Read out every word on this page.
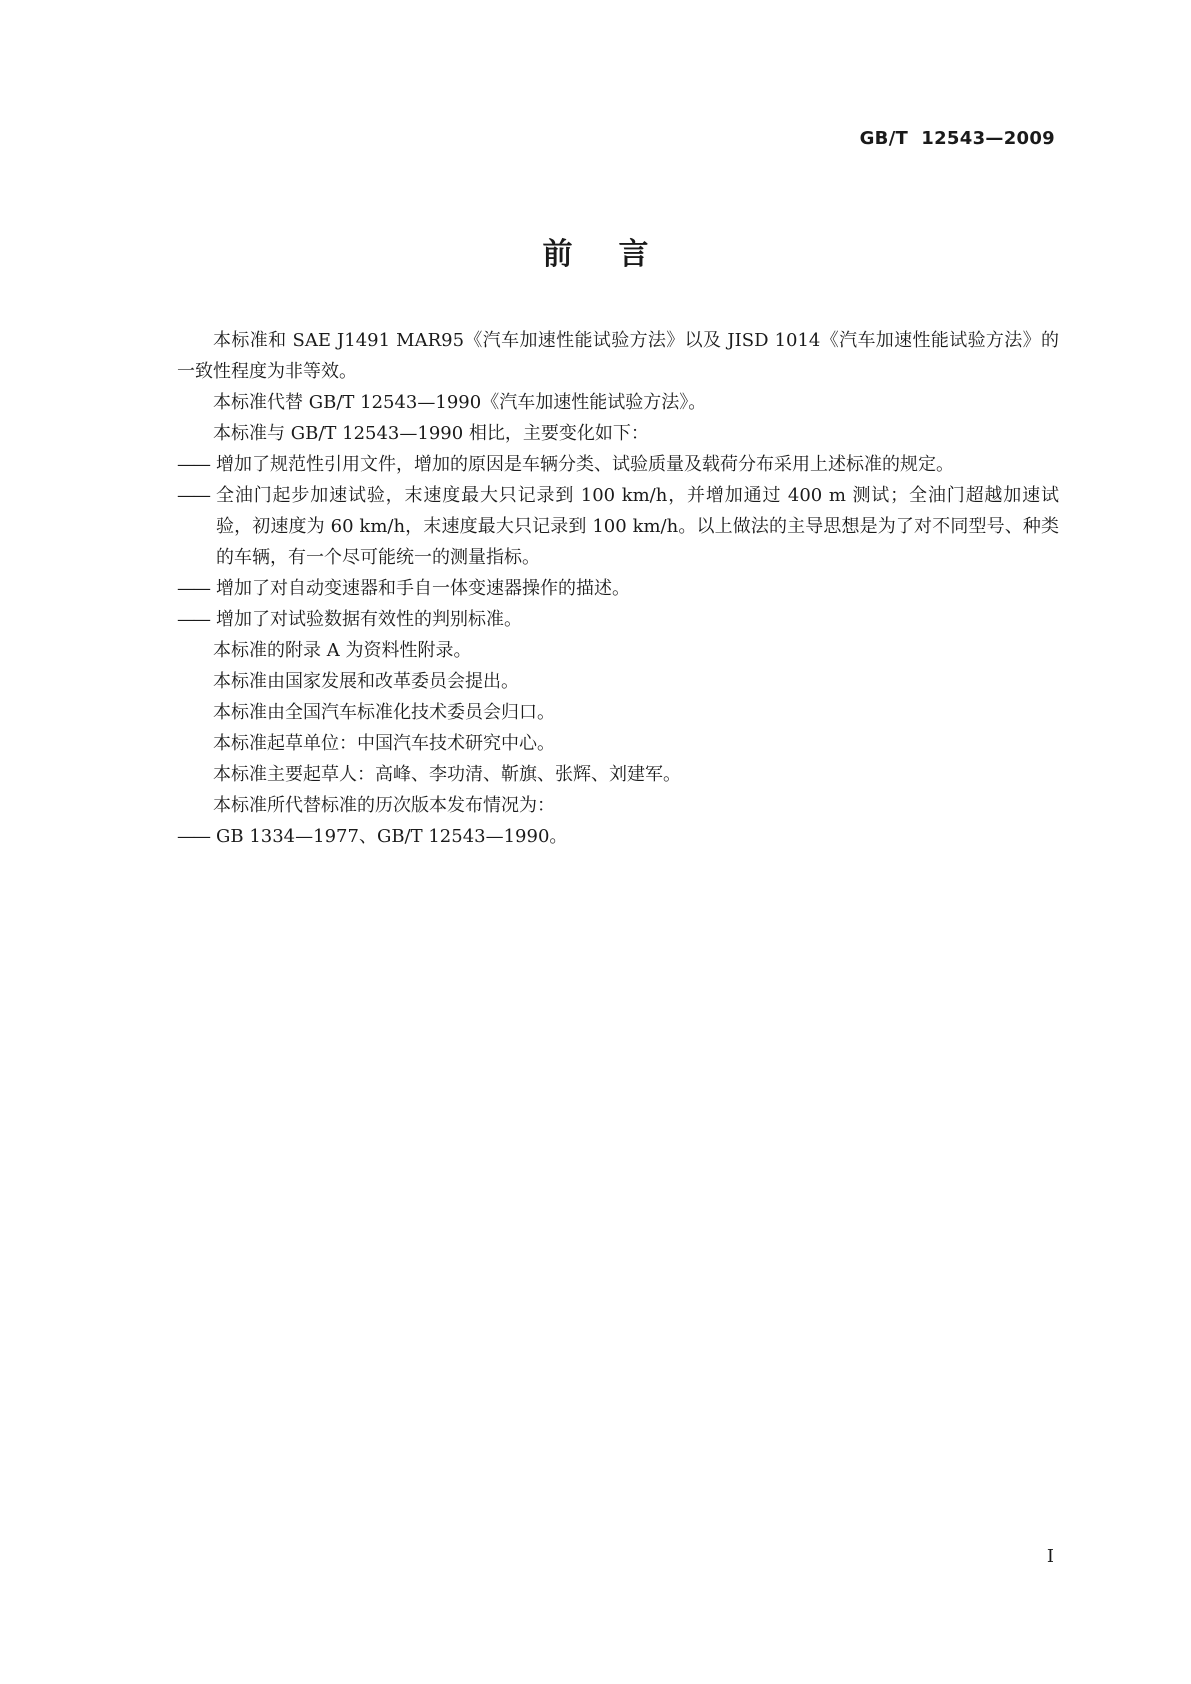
GB/T  12543—2009
前言

本标准和 SAE J1491 MAR95《汽车加速性能试验方法》以及 JISD 1014《汽车加速性能试验方法》的一致性程度为非等效。

本标准代替 GB/T 12543—1990《汽车加速性能试验方法》。

本标准与 GB/T 12543—1990 相比，主要变化如下：

——
增加了规范性引用文件，增加的原因是车辆分类、试验质量及载荷分布采用上述标准的规定。

——
全油门起步加速试验，末速度最大只记录到 100 km/h，并增加通过 400 m 测试；全油门超越加速试验，初速度为 60 km/h，末速度最大只记录到 100 km/h。以上做法的主导思想是为了对不同型号、种类的车辆，有一个尽可能统一的测量指标。

——
增加了对自动变速器和手自一体变速器操作的描述。

——
增加了对试验数据有效性的判别标准。

本标准的附录 A 为资料性附录。

本标准由国家发展和改革委员会提出。

本标准由全国汽车标准化技术委员会归口。

本标准起草单位：中国汽车技术研究中心。

本标准主要起草人：高峰、李功清、靳旗、张辉、刘建军。

本标准所代替标准的历次版本发布情况为：

——
GB 1334—1977、GB/T 12543—1990。

I
